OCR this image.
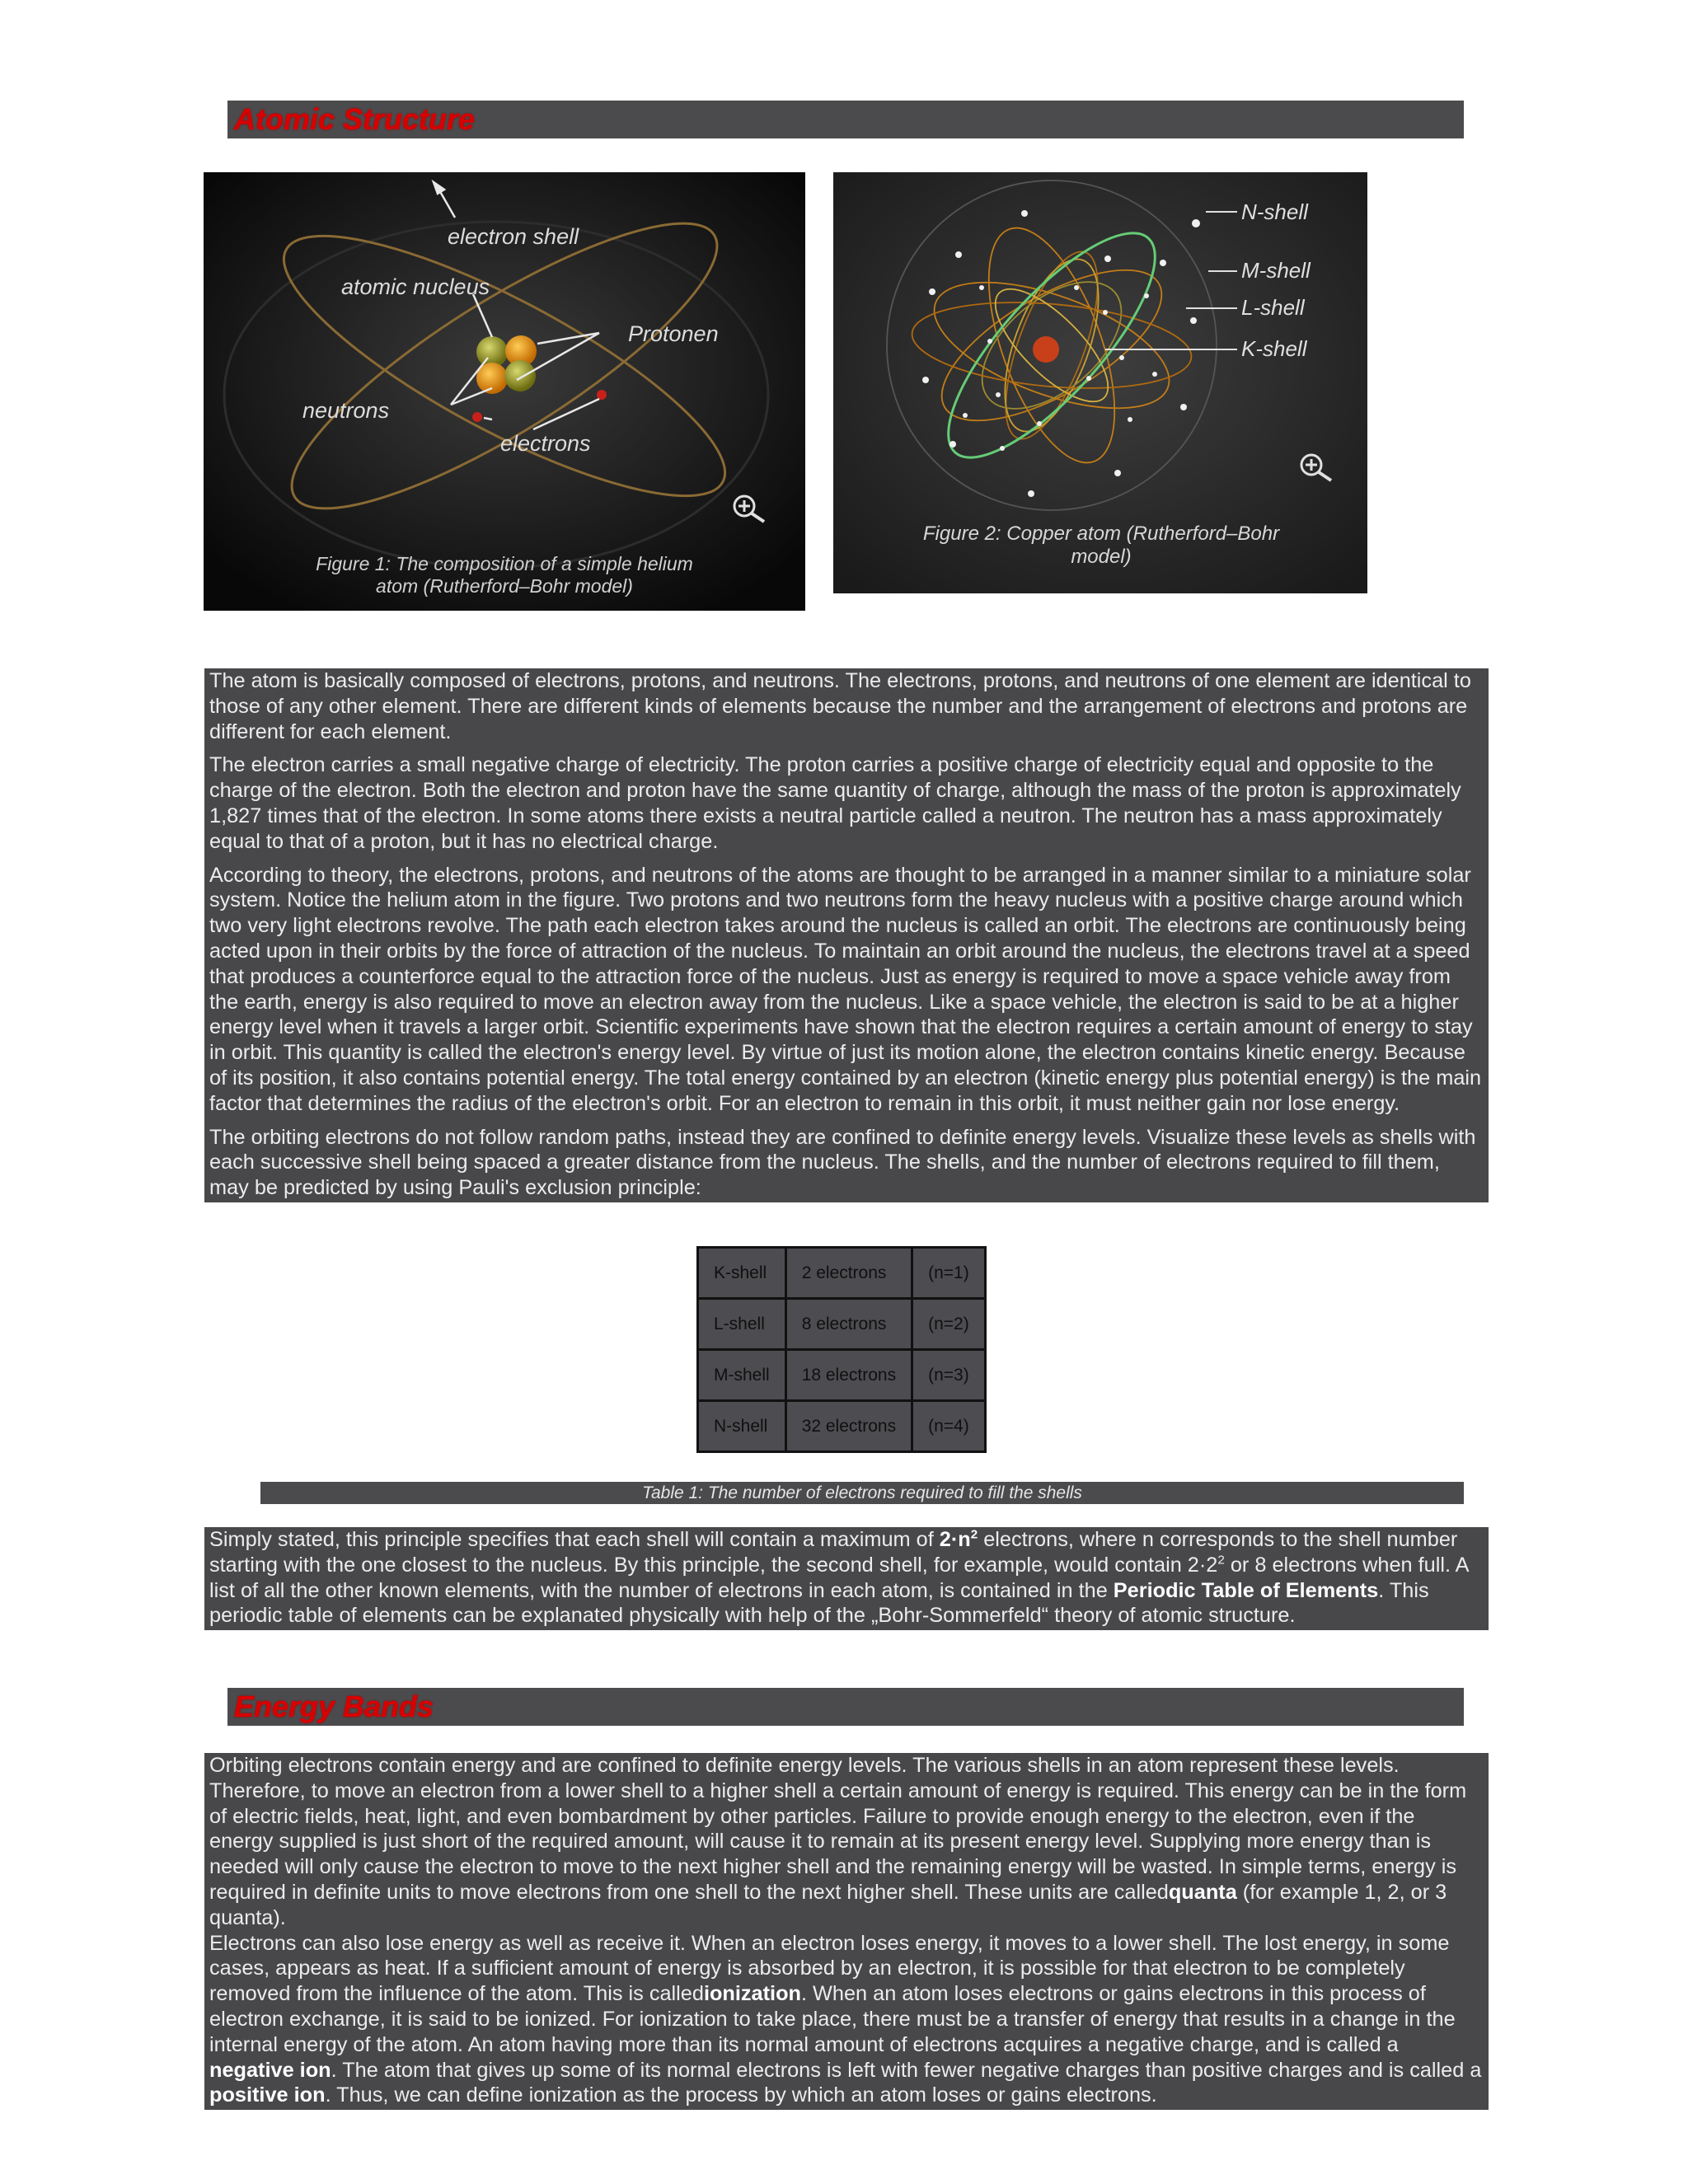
Atomic Structure
electron shell
atomic nucleus
Protonen
neutrons
electrons
Figure 1: The composition of a simple helium
atom (Rutherford–Bohr model)
N-shell
M-shell
L-shell
K-shell
Figure 2: Copper atom (Rutherford–Bohr
model)

The atom is basically composed of electrons, protons, and neutrons. The electrons, protons, and neutrons of one element are identical to those of any other element. There are different kinds of elements because the number and the arrangement of electrons and protons are different for each element.

The electron carries a small negative charge of electricity. The proton carries a positive charge of electricity equal and opposite to the charge of the electron. Both the electron and proton have the same quantity of charge, although the mass of the proton is approximately 1,827 times that of the electron. In some atoms there exists a neutral particle called a neutron. The neutron has a mass approximately equal to that of a proton, but it has no electrical charge.

According to theory, the electrons, protons, and neutrons of the atoms are thought to be arranged in a manner similar to a miniature solar system. Notice the helium atom in the figure. Two protons and two neutrons form the heavy nucleus with a positive charge around which two very light electrons revolve. The path each electron takes around the nucleus is called an orbit. The electrons are continuously being acted upon in their orbits by the force of attraction of the nucleus. To maintain an orbit around the nucleus, the electrons travel at a speed that produces a counterforce equal to the attraction force of the nucleus. Just as energy is required to move a space vehicle away from the earth, energy is also required to move an electron away from the nucleus. Like a space vehicle, the electron is said to be at a higher energy level when it travels a larger orbit. Scientific experiments have shown that the electron requires a certain amount of energy to stay in orbit. This quantity is called the electron's energy level. By virtue of just its motion alone, the electron contains kinetic energy. Because of its position, it also contains potential energy. The total energy contained by an electron (kinetic energy plus potential energy) is the main factor that determines the radius of the electron's orbit. For an electron to remain in this orbit, it must neither gain nor lose energy.

The orbiting electrons do not follow random paths, instead they are confined to definite energy levels. Visualize these levels as shells with each successive shell being spaced a greater distance from the nucleus. The shells, and the number of electrons required to fill them, may be predicted by using Pauli's exclusion principle:

K-shell	2 electrons	(n=1)
L-shell	8 electrons	(n=2)
M-shell	18 electrons	(n=3)
N-shell	32 electrons	(n=4)
Table 1: The number of electrons required to fill the shells

Simply stated, this principle specifies that each shell will contain a maximum of $2\cdot n^2$ electrons, where n corresponds to the shell number starting with the one closest to the nucleus. By this principle, the second shell, for example, would contain $2\cdot 2^2$ or 8 electrons when full. A list of all the other known elements, with the number of electrons in each atom, is contained in the Periodic Table of Elements. This periodic table of elements can be explanated physically with help of the „Bohr-Sommerfeld“ theory of atomic structure.

Energy Bands

Orbiting electrons contain energy and are confined to definite energy levels. The various shells in an atom represent these levels. Therefore, to move an electron from a lower shell to a higher shell a certain amount of energy is required. This energy can be in the form of electric fields, heat, light, and even bombardment by other particles. Failure to provide enough energy to the electron, even if the energy supplied is just short of the required amount, will cause it to remain at its present energy level. Supplying more energy than is needed will only cause the electron to move to the next higher shell and the remaining energy will be wasted. In simple terms, energy is required in definite units to move electrons from one shell to the next higher shell. These units are calledquanta (for example 1, 2, or 3 quanta).

Electrons can also lose energy as well as receive it. When an electron loses energy, it moves to a lower shell. The lost energy, in some cases, appears as heat. If a sufficient amount of energy is absorbed by an electron, it is possible for that electron to be completely removed from the influence of the atom. This is calledionization. When an atom loses electrons or gains electrons in this process of electron exchange, it is said to be ionized. For ionization to take place, there must be a transfer of energy that results in a change in the internal energy of the atom. An atom having more than its normal amount of electrons acquires a negative charge, and is called a negative ion. The atom that gives up some of its normal electrons is left with fewer negative charges than positive charges and is called a positive ion. Thus, we can define ionization as the process by which an atom loses or gains electrons.
